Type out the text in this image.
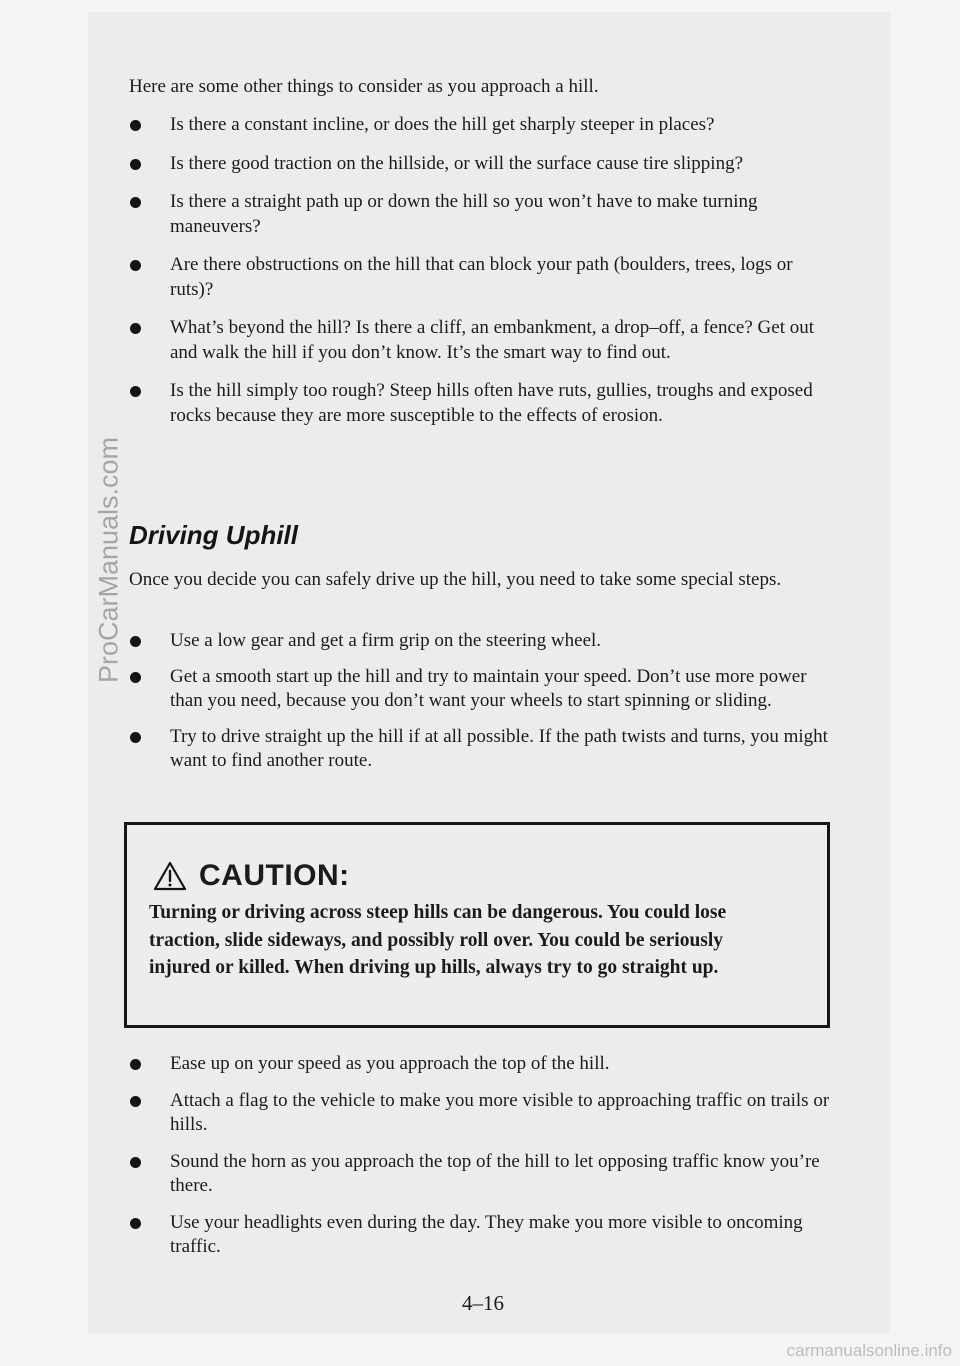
Here are some other things to consider as you approach a hill.

Is there a constant incline, or does the hill get sharply steeper in places?
Is there good traction on the hillside, or will the surface cause tire slipping?
Is there a straight path up or down the hill so you won’t have to make turning maneuvers?
Are there obstructions on the hill that can block your path (boulders, trees, logs or ruts)?
What’s beyond the hill? Is there a cliff, an embankment, a drop–off, a fence? Get out and walk the hill if you don’t know. It’s the smart way to find out.
Is the hill simply too rough? Steep hills often have ruts, gullies, troughs and exposed rocks because they are more susceptible to the effects of erosion.
Driving Uphill

Once you decide you can safely drive up the hill, you need to take some special steps.

Use a low gear and get a firm grip on the steering wheel.
Get a smooth start up the hill and try to maintain your speed. Don’t use more power than you need, because you don’t want your wheels to start spinning or sliding.
Try to drive straight up the hill if at all possible. If the path twists and turns, you might want to find another route.
CAUTION:

Turning or driving across steep hills can be dangerous. You could lose traction, slide sideways, and possibly roll over. You could be seriously injured or killed. When driving up hills, always try to go straight up.

Ease up on your speed as you approach the top of the hill.
Attach a flag to the vehicle to make you more visible to approaching traffic on trails or hills.
Sound the horn as you approach the top of the hill to let opposing traffic know you’re there.
Use your headlights even during the day. They make you more visible to oncoming traffic.

4–16

ProCarManuals.com

carmanualsonline.info
